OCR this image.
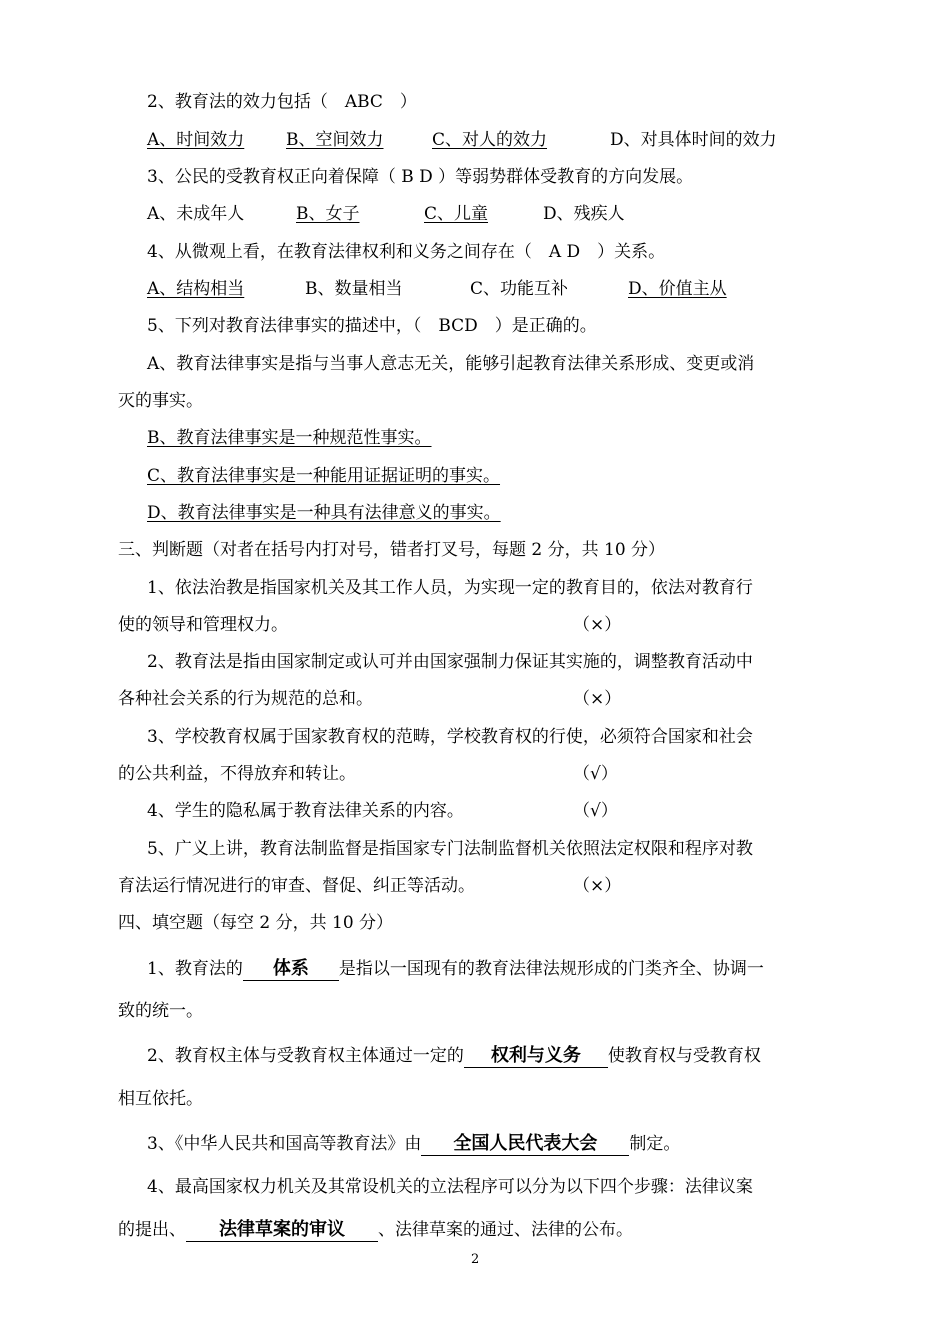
2、教育法的效力包括（　ABC　）
A、时间效力 B、空间效力	C、对人的效力	D、对具体时间的效力
3、公民的受教育权正向着保障（ B D ）等弱势群体受教育的方向发展。
A、未成年人	B、女子	C、儿童	D、残疾人
4、从微观上看，在教育法律权利和义务之间存在（　A D　）关系。
A、结构相当	B、数量相当	C、功能互补	D、价值主从
5、下列对教育法律事实的描述中，（　BCD　）是正确的。
A、教育法律事实是指与当事人意志无关，能够引起教育法律关系形成、变更或消
灭的事实。
B、教育法律事实是一种规范性事实。
C、教育法律事实是一种能用证据证明的事实。
D、教育法律事实是一种具有法律意义的事实。
三、判断题（对者在括号内打对号，错者打叉号，每题 2 分，共 10 分）
1、依法治教是指国家机关及其工作人员，为实现一定的教育目的，依法对教育行
使的领导和管理权力。	（×）
2、教育法是指由国家制定或认可并由国家强制力保证其实施的，调整教育活动中
各种社会关系的行为规范的总和。	（×）
3、学校教育权属于国家教育权的范畴，学校教育权的行使，必须符合国家和社会
的公共利益，不得放弃和转让。	（√）
4、学生的隐私属于教育法律关系的内容。	（√）
5、广义上讲，教育法制监督是指国家专门法制监督机关依照法定权限和程序对教
育法运行情况进行的审查、督促、纠正等活动。	（×）
四、填空题（每空 2 分，共 10 分）
1、教育法的 体系 是指以一国现有的教育法律法规形成的门类齐全、协调一
致的统一。
2、教育权主体与受教育权主体通过一定的 权利与义务 使教育权与受教育权
相互依托。
3、《中华人民共和国高等教育法》由 全国人民代表大会 制定。
4、最高国家权力机关及其常设机关的立法程序可以分为以下四个步骤：法律议案
的提出、 法律草案的审议 、法律草案的通过、法律的公布。
2
